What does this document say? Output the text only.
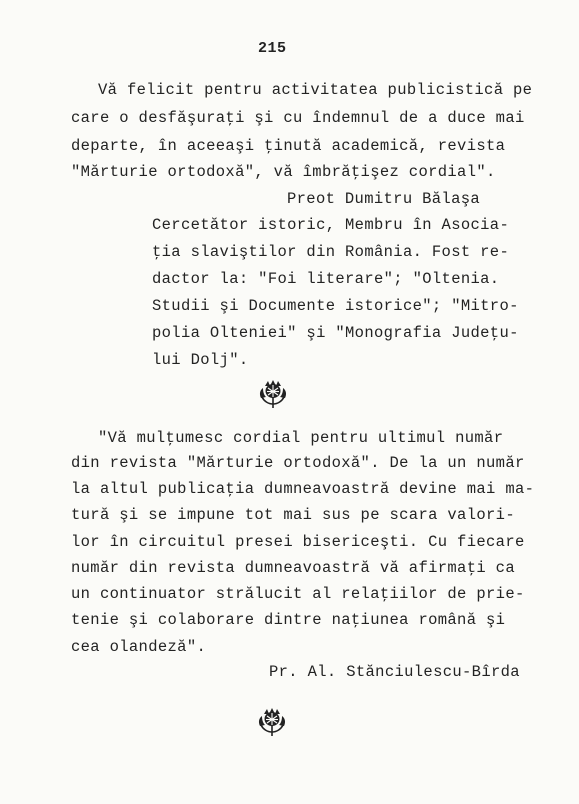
215
Vă felicit pentru activitatea publicistică pe
care o desfăşuraţi şi cu îndemnul de a duce mai
departe, în aceeaşi ţinută academică, revista
"Mărturie ortodoxă", vă îmbrăţişez cordial".
Preot Dumitru Bălaşa
Cercetător istoric, Membru în Asocia-
ţia slaviştilor din România. Fost re-
dactor la: "Foi literare"; "Oltenia.
Studii şi Documente istorice"; "Mitro-
polia Olteniei" şi "Monografia Judeţu-
lui Dolj".
"Vă mulţumesc cordial pentru ultimul număr
din revista "Mărturie ortodoxă". De la un număr
la altul publicaţia dumneavoastră devine mai ma-
tură şi se impune tot mai sus pe scara valori-
lor în circuitul presei bisericeşti. Cu fiecare
număr din revista dumneavoastră vă afirmaţi ca
un continuator strălucit al relaţiilor de prie-
tenie şi colaborare dintre naţiunea română şi
cea olandeză".
Pr. Al. Stănciulescu-Bîrda
